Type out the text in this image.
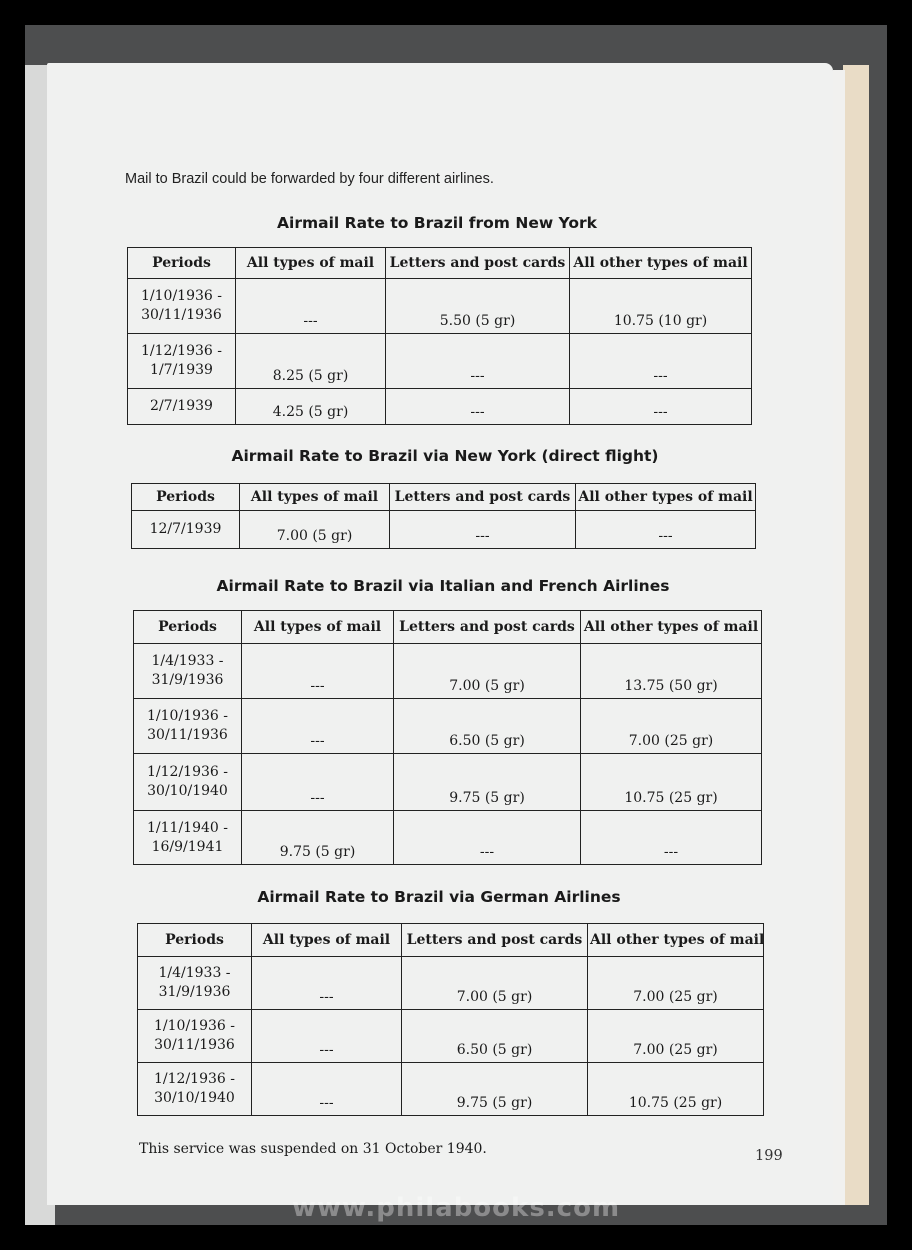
Mail to Brazil could be forwarded by four different airlines.
Airmail Rate to Brazil from New York
Periods	All types of mail	Letters and post cards	All other types of mail
1/10/1936 -
30/11/1936	---	5.50 (5 gr)	10.75 (10 gr)
1/12/1936 -
1/7/1939	8.25 (5 gr)	---	---
2/7/1939	4.25 (5 gr)	---	---
Airmail Rate to Brazil via New York (direct flight)
Periods	All types of mail	Letters and post cards	All other types of mail
12/7/1939	7.00 (5 gr)	---	---
Airmail Rate to Brazil via Italian and French Airlines
Periods	All types of mail	Letters and post cards	All other types of mail
1/4/1933 -
31/9/1936	---	7.00 (5 gr)	13.75 (50 gr)
1/10/1936 -
30/11/1936	---	6.50 (5 gr)	7.00 (25 gr)
1/12/1936 -
30/10/1940	---	9.75 (5 gr)	10.75 (25 gr)
1/11/1940 -
16/9/1941	9.75 (5 gr)	---	---
Airmail Rate to Brazil via German Airlines
Periods	All types of mail	Letters and post cards	All other types of mail
1/4/1933 -
31/9/1936	---	7.00 (5 gr)	7.00 (25 gr)
1/10/1936 -
30/11/1936	---	6.50 (5 gr)	7.00 (25 gr)
1/12/1936 -
30/10/1940	---	9.75 (5 gr)	10.75 (25 gr)
This service was suspended on 31 October 1940.	199
www.philabooks.com
